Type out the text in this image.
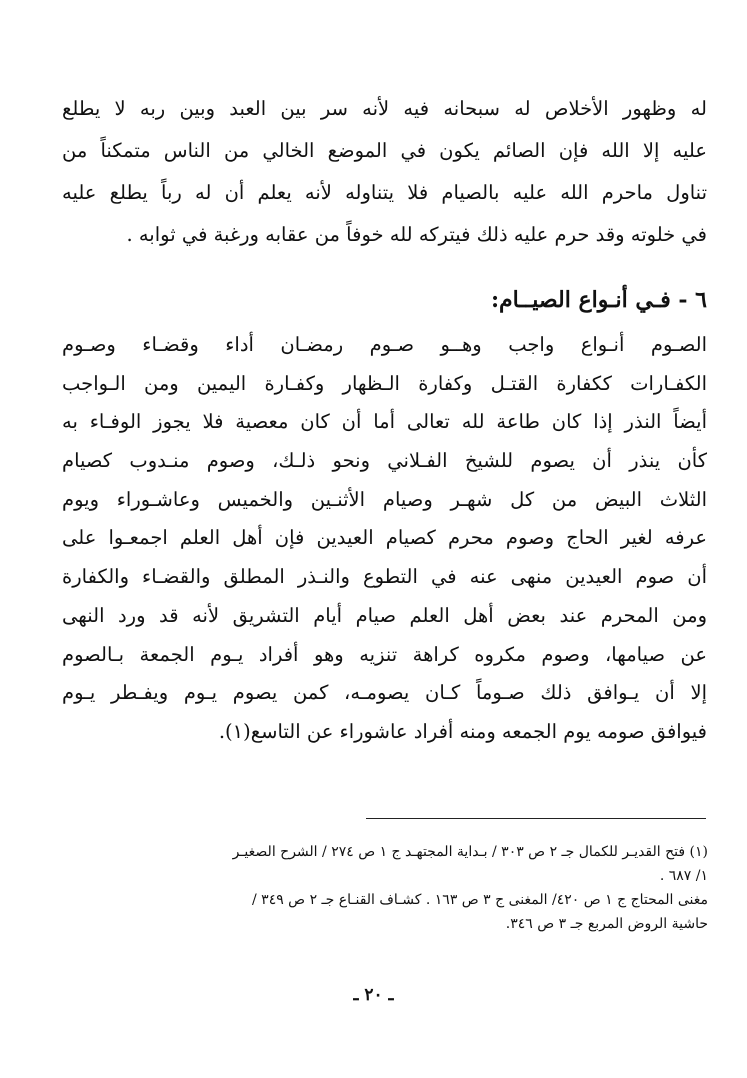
له وظهور الأخلاص له سبحانه فيه لأنه سر بين العبد وبين ربه لا يطلع
عليه إلا الله فإن الصائم يكون في الموضع الخالي من الناس متمكناً من
تناول ماحرم الله عليه بالصيام فلا يتناوله لأنه يعلم أن له رباً يطلع عليه
في خلوته وقد حرم عليه ذلك فيتركه لله خوفاً من عقابه ورغبة في ثوابه .
٦ - فـي أنـواع الصيــام:
الصـوم أنـواع واجب وهــو صـوم رمضـان أداء وقضـاء وصـوم
الكفـارات ككفارة القتـل وكفارة الـظهار وكفـارة اليمين ومن الـواجب
أيضاً النذر إذا كان طاعة لله تعالى أما أن كان معصية فلا يجوز الوفـاء به
كأن ينذر أن يصوم للشيخ الفـلاني ونحو ذلـك، وصوم منـدوب كصيام
الثلاث البيض من كل شهـر وصيام الأثنـين والخميس وعاشـوراء ويوم
عرفه لغير الحاج وصوم محرم كصيام العيدين فإن أهل العلم اجمعـوا على
أن صوم العيدين منهى عنه في التطوع والنـذر المطلق والقضـاء والكفارة
ومن المحرم عند بعض أهل العلم صيام أيام التشريق لأنه قد ورد النهى
عن صيامها، وصوم مكروه كراهة تنزيه وهو أفراد يـوم الجمعة بـالصوم
إلا أن يـوافق ذلك صـوماً كـان يصومـه، كمن يصوم يـوم ويفـطر يـوم
فيوافق صومه يوم الجمعه ومنه أفراد عاشوراء عن التاسع(١).
(١) فتح القديـر للكمال جـ ٢ ص ٣٠٣ / بـداية المجتهـد ج ١ ص ٢٧٤ / الشرح الصغيـر
١/ ٦٨٧ .
مغنى المحتاج ج ١ ص ٤٢٠/ المغنى ج ٣ ص ١٦٣ . كشـاف القنـاع جـ ٢ ص ٣٤٩ /
حاشية الروض المربع جـ ٣ ص ٣٤٦.
ـ ٢٠ ـ
